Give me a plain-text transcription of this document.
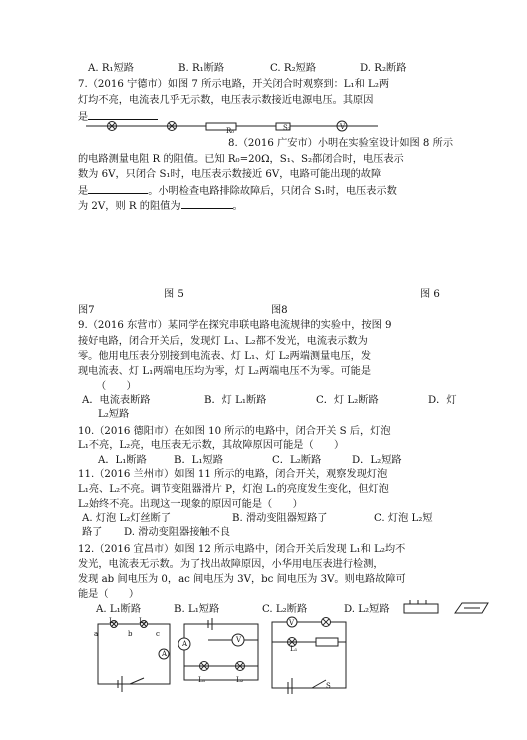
A. R₁短路	B. R₁断路	C. R₂短路	D. R₂断路
7.（2016 宁德市）如图 7 所示电路，开关闭合时观察到：L₁和 L₂两
灯均不亮，电流表几乎无示数，电压表示数接近电源电压。其原因
是
R₀	S₂	V
8.（2016 广安市）小明在实验室设计如图 8 所示
的电路测量电阻 R 的阻值。已知 R₀=20Ω，S₁、S₂都闭合时，电压表示
数为 6V，只闭合 S₁时，电压表示数接近 6V，电路可能出现的故障
是	。小明检查电路排除故障后，只闭合 S₁时，电压表示数
为 2V，则 R 的阻值为	。
图 5	图 6
图7	图8
9.（2016 东营市）某同学在探究串联电路电流规律的实验中，按图 9
接好电路，闭合开关后，发现灯 L₁、L₂都不发光，电流表示数为
零。他用电压表分别接到电流表、灯 L₁、灯 L₂两端测量电压，发
现电流表、灯 L₁两端电压均为零，灯 L₂两端电压不为零。可能是
（　　）
A．电流表断路	B．灯 L₁断路	C．灯 L₂断路	D．灯
L₂短路
10.（2016 德阳市）在如图 10 所示的电路中，闭合开关 S 后，灯泡
L₁不亮，L₂亮，电压表无示数，其故障原因可能是（　　）
A．L₁断路	B．L₁短路	C．L₂断路	D．L₂短路
11.（2016 兰州市）如图 11 所示的电路，闭合开关，观察发现灯泡
L₁亮、L₂不亮。调节变阻器滑片 P，灯泡 L₁的亮度发生变化，但灯泡
L₂始终不亮。出现这一现象的原因可能是（　　）
A. 灯泡 L₂灯丝断了	B. 滑动变阻器短路了	C. 灯泡 L₂短
路了 D. 滑动变阻器接触不良
12.（2016 宜昌市）如图 12 所示电路中，闭合开关后发现 L₁和 L₂均不
发光，电流表无示数。为了找出故障原因，小华用电压表进行检测，
发现 ab 间电压为 0，ac 间电压为 3V，bc 间电压为 3V。则电路故障可
能是（　　）
A. L₁断路	B. L₁短路	C. L₂断路	D. L₂短路
a	b	c
L₁	L₂
A
A	V
L₁	L₂
V
L₁
S
